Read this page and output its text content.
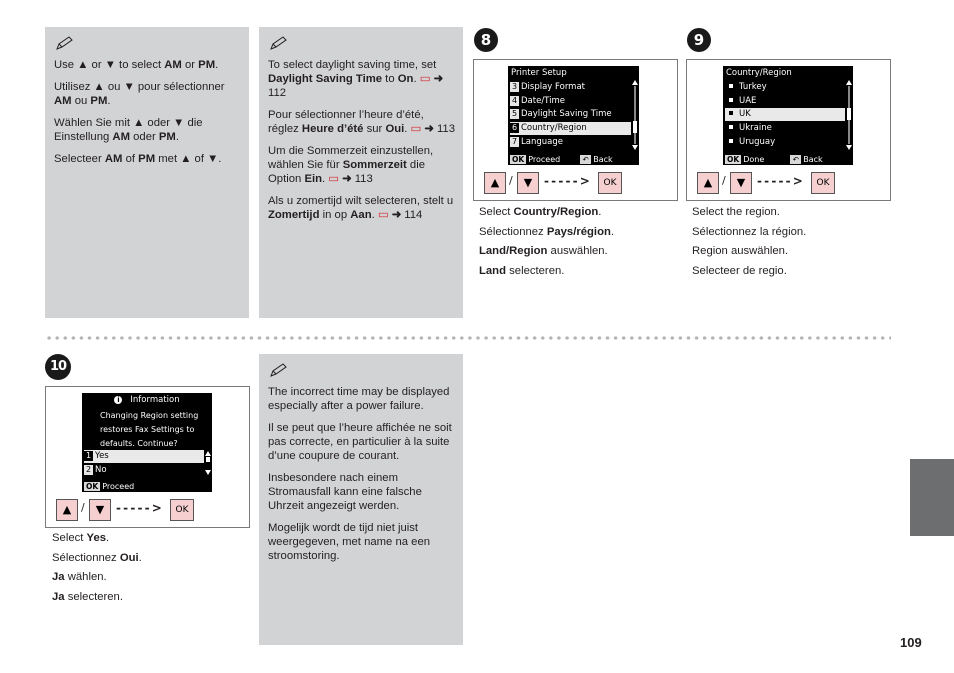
Use ▲ or ▼ to select AM or PM.

Utilisez ▲ ou ▼ pour sélectionner AM ou PM.

Wählen Sie mit ▲ oder ▼ die Einstellung AM oder PM.

Selecteer AM of PM met ▲ of ▼.

To select daylight saving time, set Daylight Saving Time to On. ▭ ➜ 112

Pour sélectionner l’heure d’été, réglez Heure d’été sur Oui. ▭ ➜ 113

Um die Sommerzeit einzustellen, wählen Sie für Sommerzeit die Option Ein. ▭ ➜ 113

Als u zomertijd wilt selecteren, stelt u Zomertijd in op Aan. ▭ ➜ 114

8
Printer Setup
3 Display Format
4 Date/Time
5 Daylight Saving Time
6 Country/Region
7 Language
OK Proceed	↶ Back
▲ /	▼ - - - - - >	OK

Select Country/Region.

Sélectionnez Pays/région.

Land/Region auswählen.

Land selecteren.

9
Country/Region
Turkey
UAE
UK
Ukraine
Uruguay
OK Done	↶ Back
▲ /	▼ - - - - - >	OK

Select the region.

Sélectionnez la région.

Region auswählen.

Selecteer de regio.

10
i Information
Changing Region setting
restores Fax Settings to
defaults. Continue?
1 Yes
2 No
OK Proceed
▲ /	▼ - - - - - >	OK

Select Yes.

Sélectionnez Oui.

Ja wählen.

Ja selecteren.

The incorrect time may be displayed especially after a power failure.

Il se peut que l’heure affichée ne soit pas correcte, en particulier à la suite d’une coupure de courant.

Insbesondere nach einem Stromausfall kann eine falsche Uhrzeit angezeigt werden.

Mogelijk wordt de tijd niet juist weergegeven, met name na een stroomstoring.

109
